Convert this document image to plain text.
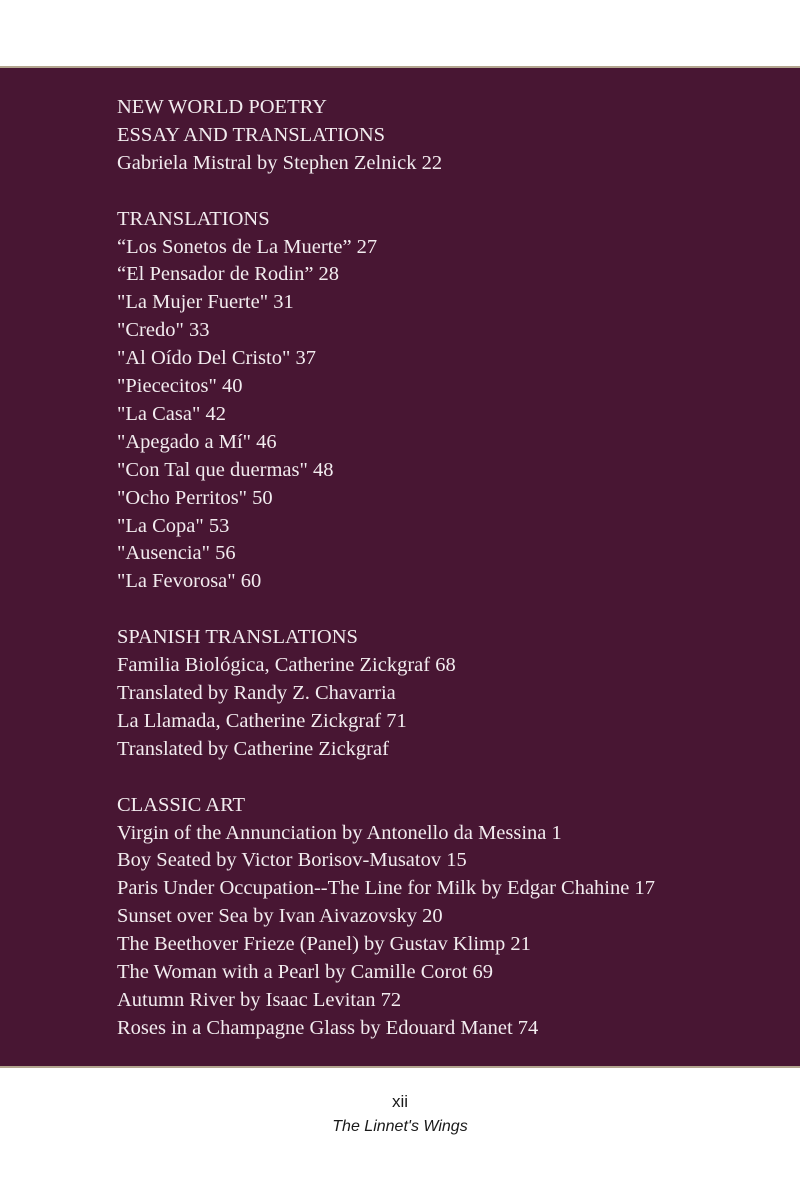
NEW WORLD POETRY
ESSAY AND TRANSLATIONS
Gabriela Mistral by Stephen Zelnick 22
TRANSLATIONS
“Los Sonetos de La Muerte” 27
“El Pensador de Rodin” 28
"La Mujer Fuerte" 31
"Credo" 33
"Al Oído Del Cristo" 37
"Piececitos" 40
"La Casa" 42
"Apegado a Mí" 46
"Con Tal que duermas" 48
"Ocho Perritos" 50
"La Copa" 53
"Ausencia" 56
"La Fevorosa" 60
SPANISH TRANSLATIONS
Familia Biológica, Catherine Zickgraf 68
Translated by Randy Z. Chavarria
La Llamada, Catherine Zickgraf 71
Translated by Catherine Zickgraf
CLASSIC ART
Virgin of the Annunciation by Antonello da Messina 1
Boy Seated by Victor Borisov-Musatov 15
Paris Under Occupation--The Line for Milk by Edgar Chahine 17
Sunset over Sea by Ivan Aivazovsky 20
The Beethover Frieze (Panel) by Gustav Klimp 21
The Woman with a Pearl by Camille Corot 69
Autumn River by Isaac Levitan 72
Roses in a Champagne Glass by Edouard Manet 74
xii
The Linnet's Wings
